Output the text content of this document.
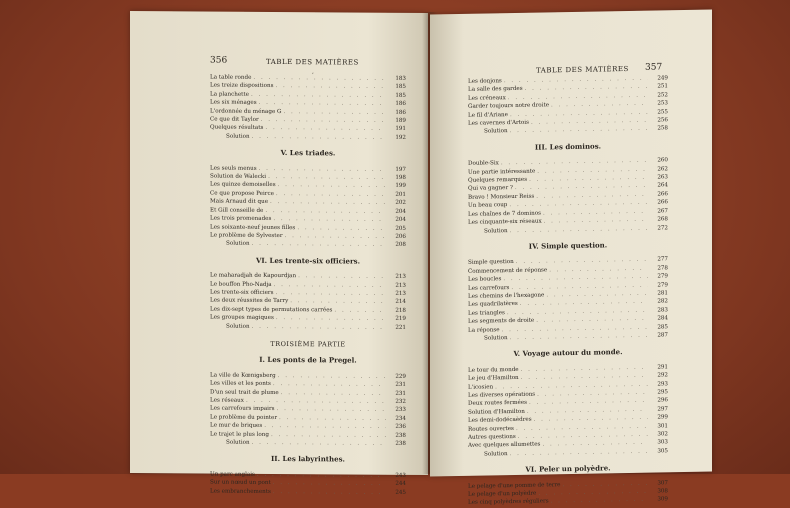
356	TABLE DES MATIÈRES
,
La table ronde . . .	183
Les treize dispositions . . .	185
La planchette . . .	185
Les six ménages . . .	186
L'ordonnée du ménage G . . .	186
Ce que dit Taylor . . .	189
Quelques résultats . . .	191
Solution . . .	192
V. Les triades.
Les seuls menus . . .	197
Solution de Walecki . . .	198
Les quinze demoiselles . . .	199
Ce que propose Peirce . . .	201
Mais Arnaud dit que . . .	202
Et Gill conseille de . . .	204
Les trois promenades . . .	204
Les soixante-neuf jeunes filles . . .	205
Le problème de Sylvester . . .	206
Solution . . .	208
VI. Les trente-six officiers.
Le maharadjah de Kapourdjan . . .	213
Le bouffon Pho-Nadja . . .	213
Les trente-six officiers . . .	213
Les deux réussites de Tarry . . .	214
Les dix-sept types de permutations carrées . . .	218
Les groupes magiques . . .	219
Solution . . .	221
TROISIÈME PARTIE
I. Les ponts de la Pregel.
La ville de Kœnigsberg . . .	229
Les villes et les ponts . . .	231
D'un seul trait de plume . . .	231
Les réseaux . . .	232
Les carrefours impairs . . .	233
Le problème du pointer . . .	234
Le mur de briques . . .	236
Le trajet le plus long . . .	238
Solution . . .	238
II. Les labyrinthes.
Un parc anglais . . .	243
Sur un nœud un pont . . .	244
Les embranchements . . .	245
TABLE DES MATIÈRES 357
Les donjons . . .	249
La salle des gardes . . .	251
Les créneaux . . .	252
Garder toujours notre droite . . .	253
Le fil d'Ariane . . .	255
Les cavernes d'Artois . . .	256
Solution . . .	258
III. Les dominos.
Double-Six . . .	260
Une partie intéressante . . .	262
Quelques remarques . . .	263
Qui va gagner ? . . .	264
Bravo ! Monsieur Reiss . . .	266
Un beau coup . . .	266
Les chaînes de 7 dominos . . .	267
Les cinquante-six réseaux . . .	268
Solution . . .	272
IV. Simple question.
Simple question . . .	277
Commencement de réponse . . .	278
Les boucles . . .	279
Les carrefours . . .	279
Les chemins de l'hexagone . . .	281
Les quadrilatères . . .	282
Les triangles . . .	283
Les segments de droite . . .	284
La réponse . . .	285
Solution . . .	287
V. Voyage autour du monde.
Le tour du monde . . .	291
Le jeu d'Hamilton . . .	292
L'icosien . . .	293
Les diverses opérations . . .	295
Deux routes fermées . . .	296
Solution d'Hamilton . . .	297
Les demi-dodécaèdres . . .	299
Routes ouvertes . . .	301
Autres questions . . .	302
Avec quelques allumettes . . .	303
Solution . . .	305
VI. Peler un polyèdre.
Le pelage d'une pomme de terre . . .	307
Le pelage d'un polyèdre . . .	308
Les cinq polyèdres réguliers . . .	309
